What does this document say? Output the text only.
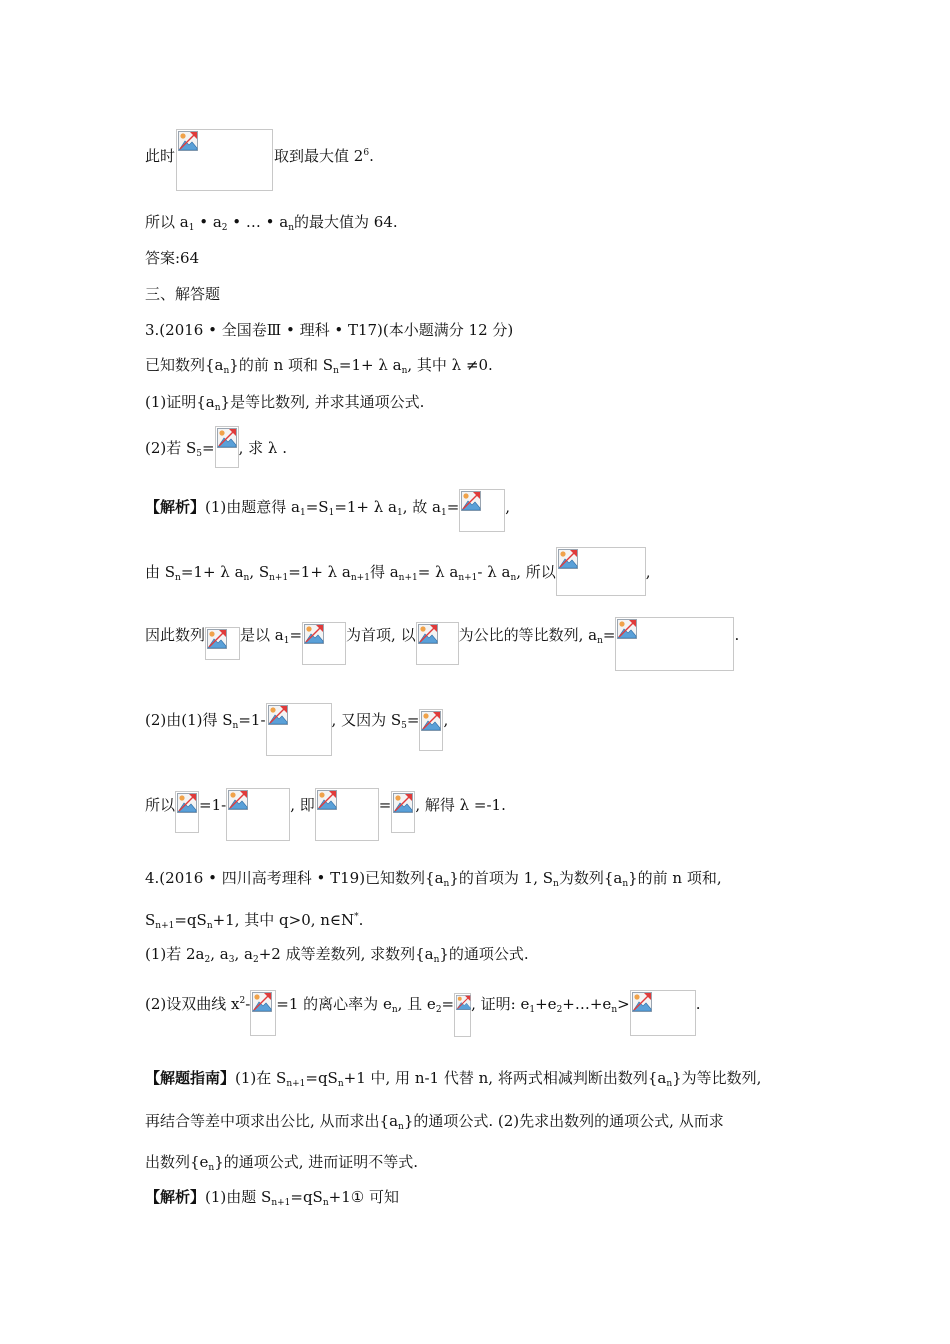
此时	取到最大值 $2^6$.
所以 $a_1$ • $a_2$ • … • $a_n$的最大值为 64.
答案:64
三、解答题
3.(2016 • 全国卷Ⅲ • 理科 • T17)(本小题满分 12 分)
已知数列$\{a_n\}$的前 n 项和 $S_n=1+ \lambda$ $a_n$, 其中 λ ≠0.
(1)证明$\{a_n\}$是等比数列, 并求其通项公式.
(2)若 $S_5=$ , 求 λ .
【解析】(1)由题意得 $a_1=S_1=1+ \lambda$ $a_1$, 故 $a_1=$	,
由 $S_n=1+ \lambda$ $a_n$, $S_{n+1}=1+ \lambda$ $a_{n+1}$得 $a_{n+1}= \lambda$ $a_{n+1}-$ λ $a_n$, 所以	,
因此数列 是以 $a_1=$	为首项, 以	为公比的等比数列, $a_n=$	.
(2)由(1)得 $S_n=1-$	, 又因为 $S_5=$ ,
所以 =1-	, 即	= , 解得 λ =-1.
4.(2016 • 四川高考理科 • T19)已知数列$\{a_n\}$的首项为 1, $S_n$为数列$\{a_n\}$的前 n 项和,
$S_{n+1}=qS_n+1$, 其中 q>0, n∈N*.
(1)若 $2a_2$, $a_3$, $a_2+2$ 成等差数列, 求数列$\{a_n\}$的通项公式.
(2)设双曲线 $x^2- =1$ 的离心率为 $e_n$, 且 $e_2=$ , 证明: $e_1+e_2+\dots+e_n>$	.
【解题指南】(1)在 $S_{n+1}=qS_n+1$ 中, 用 n-1 代替 n, 将两式相减判断出数列$\{a_n\}$为等比数列,
再结合等差中项求出公比, 从而求出$\{a_n\}$的通项公式. (2)先求出数列的通项公式, 从而求
出数列$\{e_n\}$的通项公式, 进而证明不等式.
【解析】(1)由题 $S_{n+1}=qS_n+1①$ 可知
